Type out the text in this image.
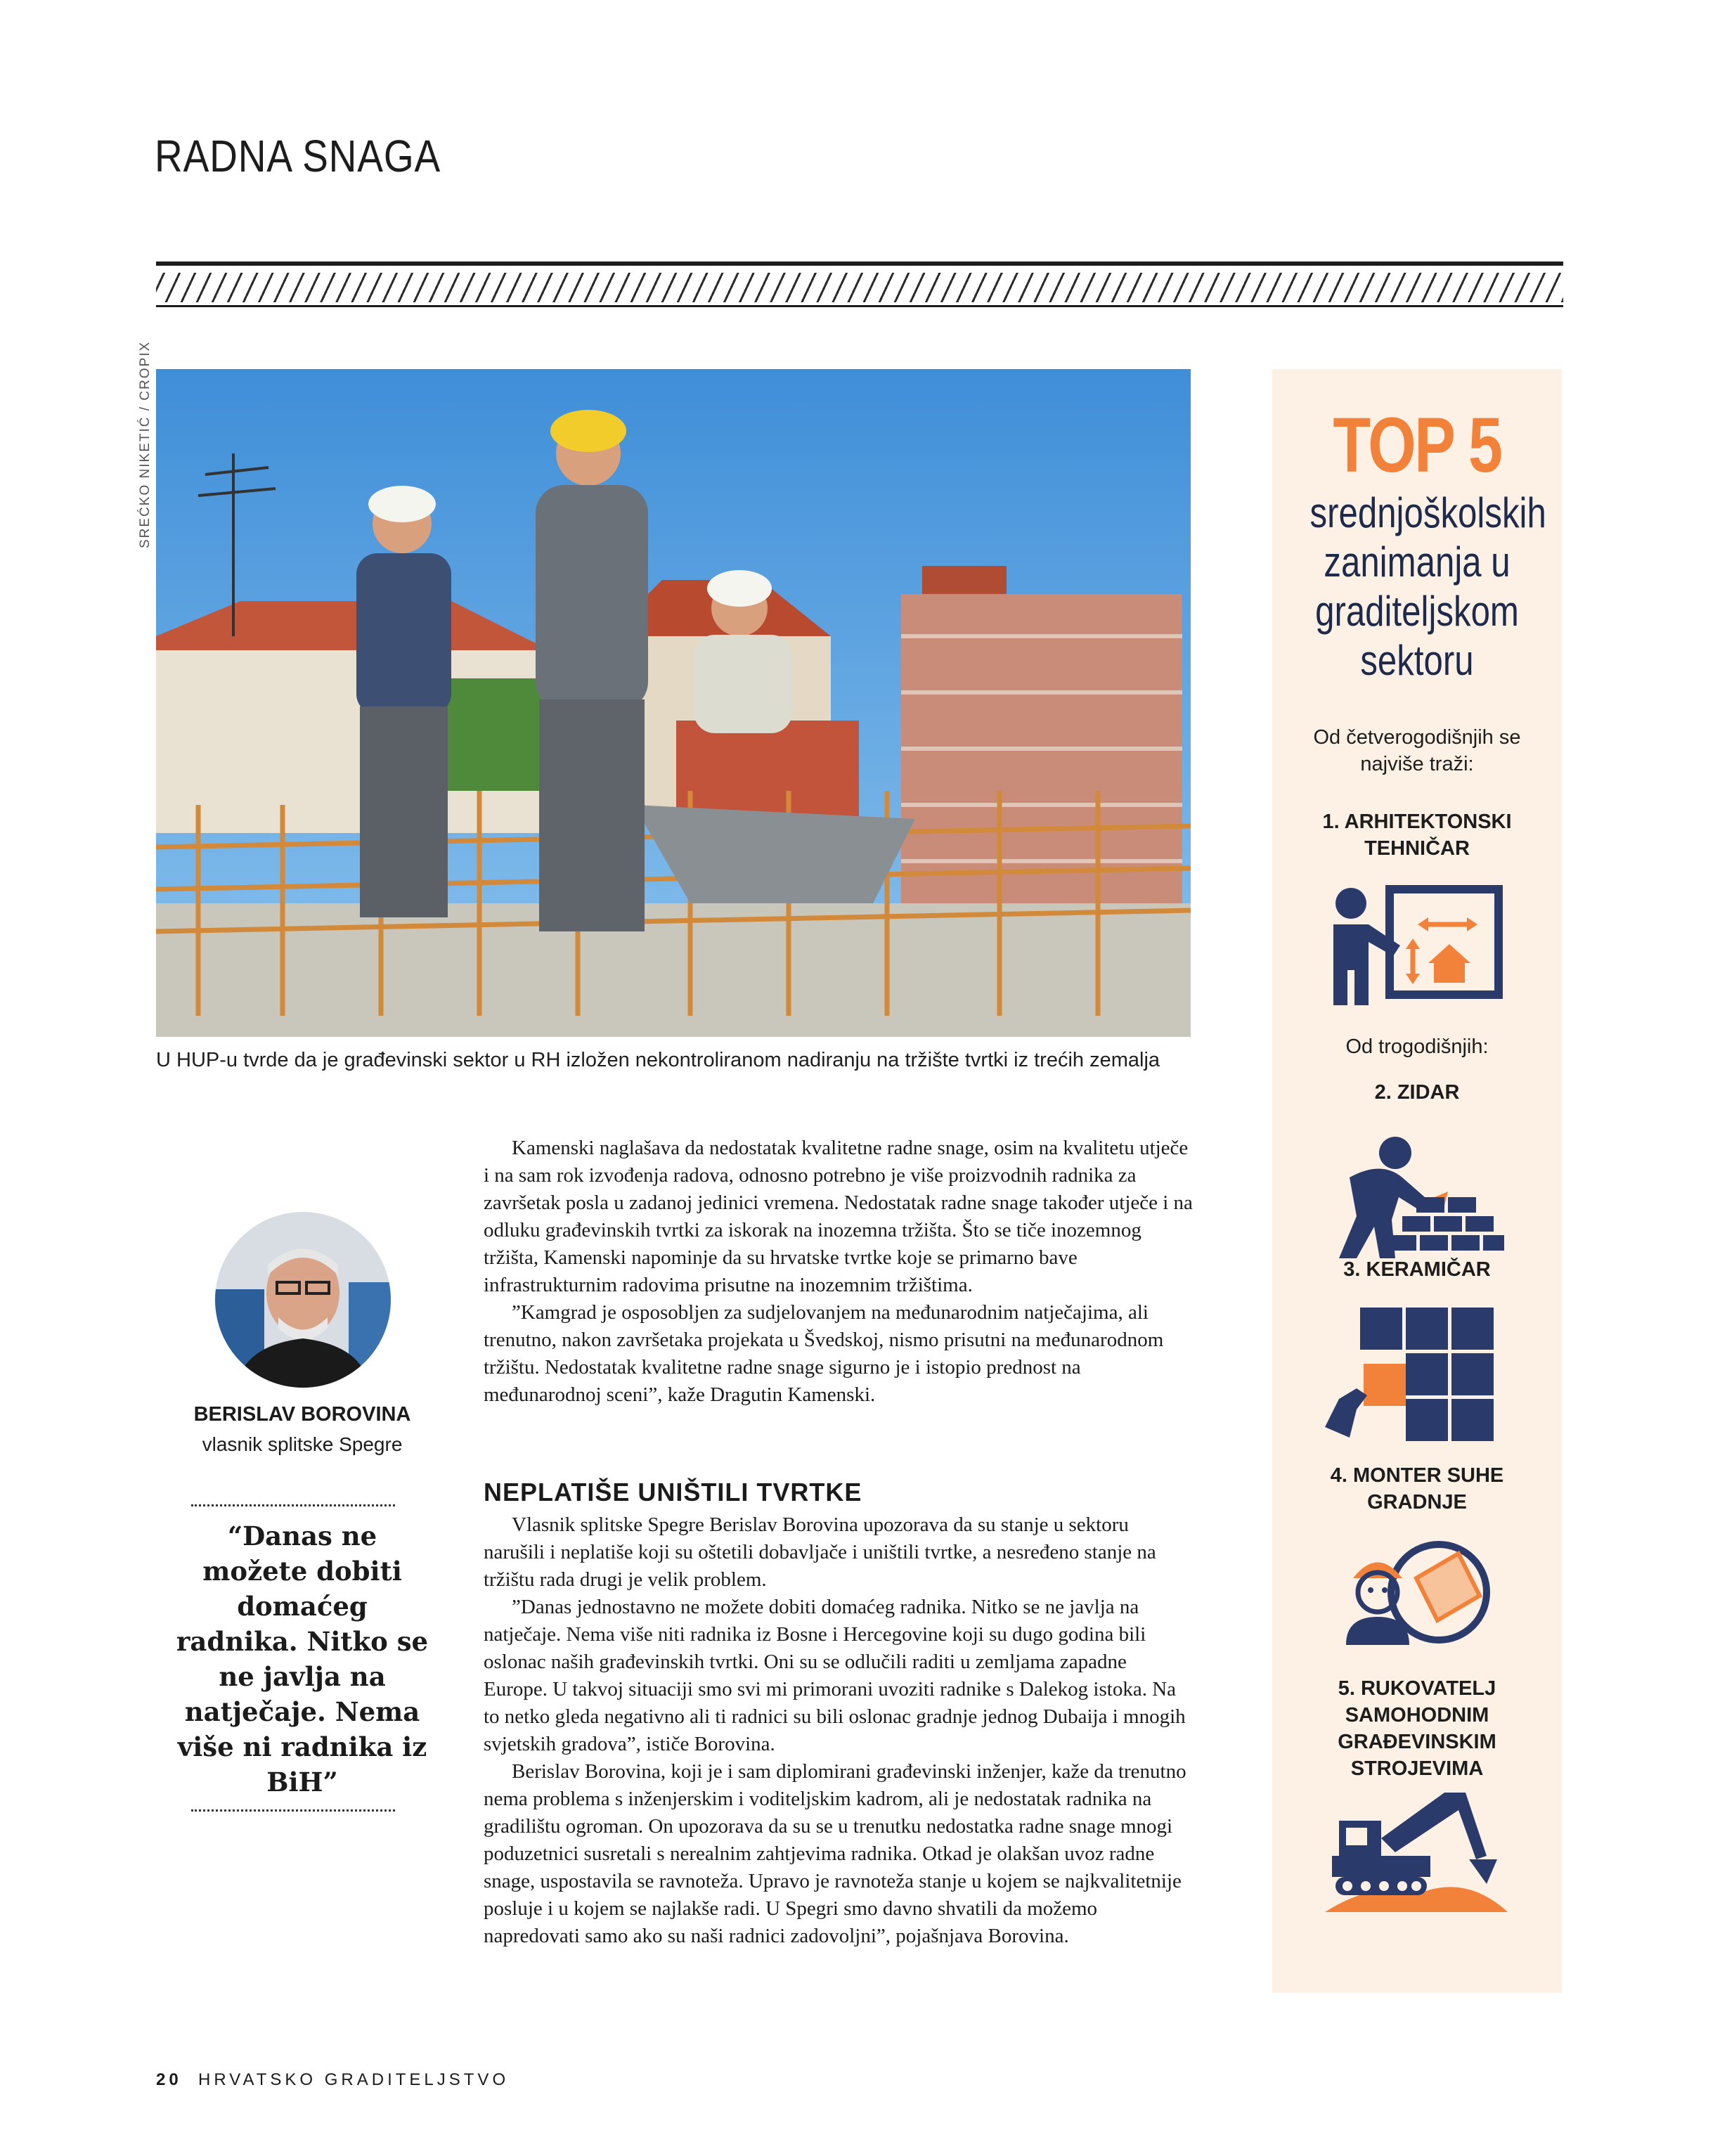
RADNA SNAGA
SREĆKO NIKETIĆ / CROPIX
U HUP-u tvrde da je građevinski sektor u RH izložen nekontroliranom nadiranju na tržište tvrtki iz trećih zemalja
BERISLAV BOROVINA
vlasnik splitske Spegre
“Danas ne možete dobiti domaćeg radnika. Nitko se ne javlja na natječaje. Nema više ni radnika iz BiH”

Kamenski naglašava da nedostatak kvalitetne radne snage, osim na kvalitetu utječe i na sam rok izvođenja radova, odnosno potrebno je više proizvodnih radnika za završetak posla u zadanoj jedinici vremena. Nedostatak radne snage također utječe i na odluku građevinskih tvrtki za iskorak na inozemna tržišta. Što se tiče inozemnog tržišta, Kamenski napominje da su hrvatske tvrtke koje se primarno bave infrastrukturnim radovima prisutne na inozemnim tržištima.

”Kamgrad je osposobljen za sudjelovanjem na međunarodnim natječajima, ali trenutno, nakon završetaka projekata u Švedskoj, nismo prisutni na međunarodnom tržištu. Nedostatak kvalitetne radne snage sigurno je i istopio prednost na međunarodnoj sceni”, kaže Dragutin Kamenski.

NEPLATIŠE UNIŠTILI TVRTKE

Vlasnik splitske Spegre Berislav Borovina upozorava da su stanje u sektoru narušili i neplatiše koji su oštetili dobavljače i uništili tvrtke, a nesređeno stanje na tržištu rada drugi je velik problem.

”Danas jednostavno ne možete dobiti domaćeg radnika. Nitko se ne javlja na natječaje. Nema više niti radnika iz Bosne i Hercegovine koji su dugo godina bili oslonac naših građevinskih tvrtki. Oni su se odlučili raditi u zemljama zapadne Europe. U takvoj situaciji smo svi mi primorani uvoziti radnike s Dalekog istoka. Na to netko gleda negativno ali ti radnici su bili oslonac gradnje jednog Dubaija i mnogih svjetskih gradova”, ističe Borovina.

Berislav Borovina, koji je i sam diplomirani građevinski inženjer, kaže da trenutno nema problema s inženjerskim i voditeljskim kadrom, ali je nedostatak radnika na gradilištu ogroman. On upozorava da su se u trenutku nedostatka radne snage mnogi poduzetnici susretali s nerealnim zahtjevima radnika. Otkad je olakšan uvoz radne snage, uspostavila se ravnoteža. Upravo je ravnoteža stanje u kojem se najkvalitetnije posluje i u kojem se najlakše radi. U Spegri smo davno shvatili da možemo napredovati samo ako su naši radnici zadovoljni”, pojašnjava Borovina.

20 HRVATSKO GRADITELJSTVO
TOP 5
srednjoškolskih zanimanja u graditeljskom sektoru
Od četverogodišnjih se najviše traži:
1. ARHITEKTONSKI TEHNIČAR
Od trogodišnjih:
2. ZIDAR
3. KERAMIČAR
4. MONTER SUHE GRADNJE
5. RUKOVATELJ SAMOHODNIM GRAĐEVINSKIM STROJEVIMA
